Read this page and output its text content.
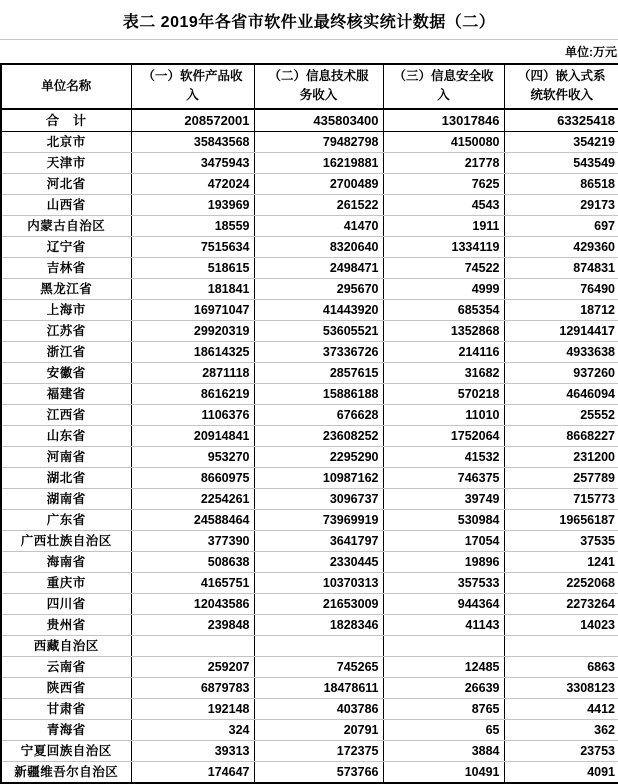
表二 2019年各省市软件业最终核实统计数据（二）
单位:万元
单位名称	（一）软件产品收入	（二）信息技术服务收入	（三）信息安全收入	（四）嵌入式系统软件收入
合　计	208572001	435803400	13017846	63325418
北京市	35843568	79482798	4150080	354219
天津市	3475943	16219881	21778	543549
河北省	472024	2700489	7625	86518
山西省	193969	261522	4543	29173
内蒙古自治区	18559	41470	1911	697
辽宁省	7515634	8320640	1334119	429360
吉林省	518615	2498471	74522	874831
黑龙江省	181841	295670	4999	76490
上海市	16971047	41443920	685354	18712
江苏省	29920319	53605521	1352868	12914417
浙江省	18614325	37336726	214116	4933638
安徽省	2871118	2857615	31682	937260
福建省	8616219	15886188	570218	4646094
江西省	1106376	676628	11010	25552
山东省	20914841	23608252	1752064	8668227
河南省	953270	2295290	41532	231200
湖北省	8660975	10987162	746375	257789
湖南省	2254261	3096737	39749	715773
广东省	24588464	73969919	530984	19656187
广西壮族自治区	377390	3641797	17054	37535
海南省	508638	2330445	19896	1241
重庆市	4165751	10370313	357533	2252068
四川省	12043586	21653009	944364	2273264
贵州省	239848	1828346	41143	14023
西藏自治区				
云南省	259207	745265	12485	6863
陕西省	6879783	18478611	26639	3308123
甘肃省	192148	403786	8765	4412
青海省	324	20791	65	362
宁夏回族自治区	39313	172375	3884	23753
新疆维吾尔自治区	174647	573766	10491	4091
